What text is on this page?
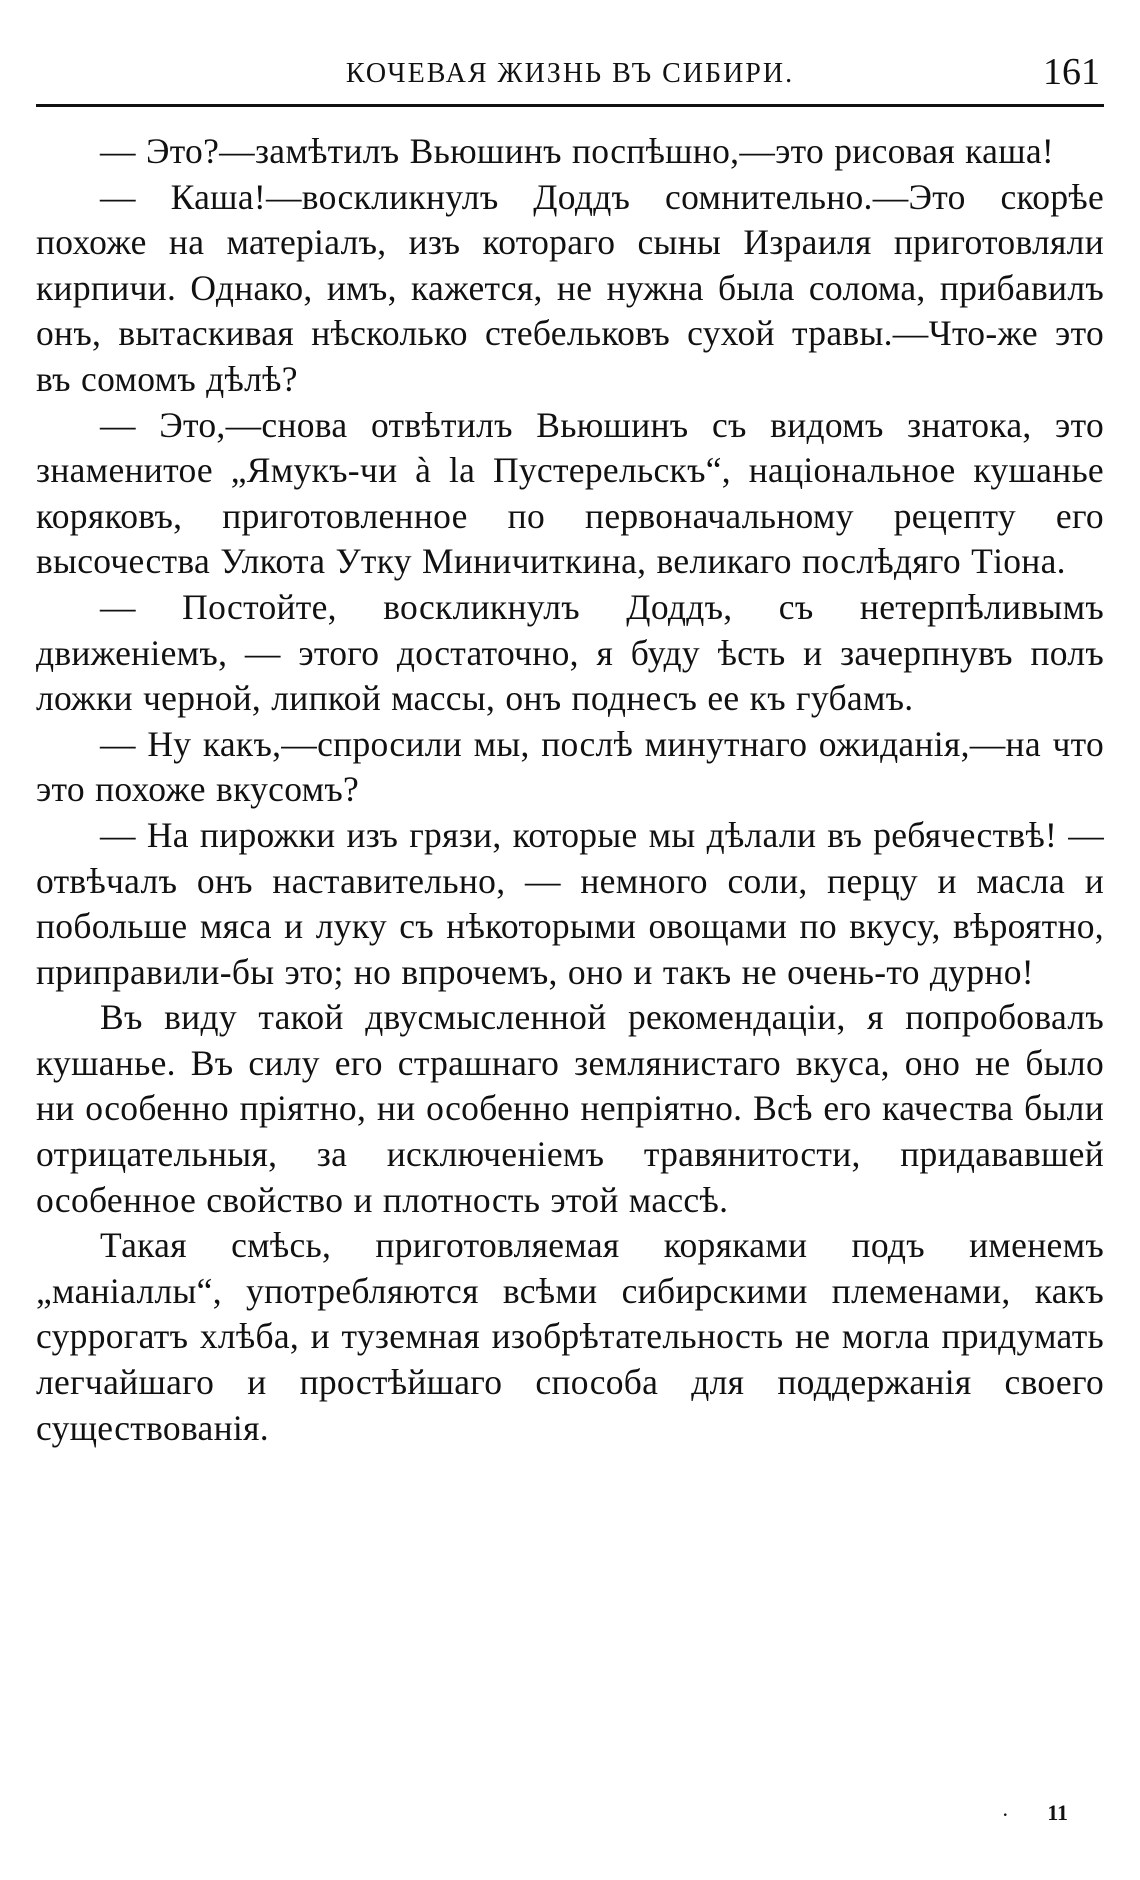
КОЧЕВАЯ ЖИЗНЬ ВЪ СИБИРИ.	161

— Это?—замѣтилъ Вьюшинъ поспѣшно,—это рисовая каша!

— Каша!—воскликнулъ Доддъ сомнительно.—Это скорѣе похоже на матеріалъ, изъ котораго сыны Израиля приготовляли кирпичи. Однако, имъ, кажется, не нужна была солома, прибавилъ онъ, вытаскивая нѣсколько стебельковъ сухой травы.—Что-же это въ сомомъ дѣлѣ?

— Это,—снова отвѣтилъ Вьюшинъ съ видомъ знатока, это знаменитое „Ямукъ-чи à la Пустерельскъ“, національное кушанье коряковъ, приготовленное по первоначальному рецепту его высочества Улкота Утку Миничиткина, великаго послѣдяго Тіона.

— Постойте, воскликнулъ Доддъ, съ нетерпѣливымъ движеніемъ, — этого достаточно, я буду ѣсть и зачерпнувъ полъ ложки черной, липкой массы, онъ поднесъ ее къ губамъ.

— Ну какъ,—спросили мы, послѣ минутнаго ожиданія,—на что это похоже вкусомъ?

— На пирожки изъ грязи, которые мы дѣлали въ ребячествѣ! — отвѣчалъ онъ наставительно, — немного соли, перцу и масла и побольше мяса и луку съ нѣкоторыми овощами по вкусу, вѣроятно, приправили-бы это; но впрочемъ, оно и такъ не очень-то дурно!

Въ виду такой двусмысленной рекомендаціи, я попробовалъ кушанье. Въ силу его страшнаго землянистаго вкуса, оно не было ни особенно пріятно, ни особенно непріятно. Всѣ его качества были отрицательныя, за исключеніемъ травянитости, придававшей особенное свойство и плотность этой массѣ.

Такая смѣсь, приготовляемая коряками подъ именемъ „маніаллы“, употребляются всѣми сибирскими племенами, какъ суррогатъ хлѣба, и туземная изобрѣтательность не могла придумать легчайшаго и простѣйшаго способа для поддержанія своего существованія.

. 11
